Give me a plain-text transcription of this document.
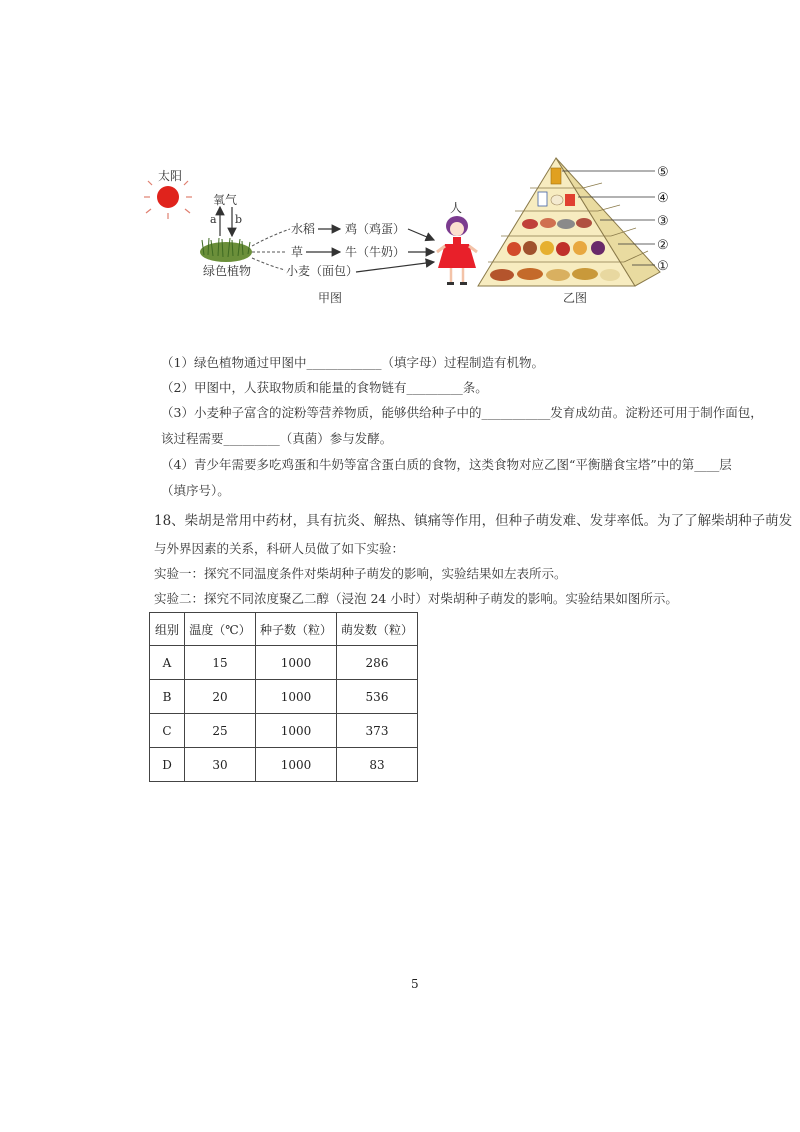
太阳
氧气
a b
绿色植物
水稻
草
小麦（面包）
鸡（鸡蛋）
牛（牛奶）
人
甲图
⑤
④
③
②
①
乙图
（1）绿色植物通过甲图中____________（填字母）过程制造有机物。
（2）甲图中，人获取物质和能量的食物链有_________条。
（3）小麦种子富含的淀粉等营养物质，能够供给种子中的___________发育成幼苗。淀粉还可用于制作面包，
该过程需要_________（真菌）参与发酵。
（4）青少年需要多吃鸡蛋和牛奶等富含蛋白质的食物，这类食物对应乙图“平衡膳食宝塔”中的第____层
（填序号）。
18、柴胡是常用中药材，具有抗炎、解热、镇痛等作用，但种子萌发难、发芽率低。为了了解柴胡种子萌发
与外界因素的关系，科研人员做了如下实验：
实验一：探究不同温度条件对柴胡种子萌发的影响，实验结果如左表所示。
实验二：探究不同浓度聚乙二醇（浸泡 24 小时）对柴胡种子萌发的影响。实验结果如图所示。
组别	温度（℃）	种子数（粒）	萌发数（粒）
A	15	1000	286
B	20	1000	536
C	25	1000	373
D	30	1000	83
5
